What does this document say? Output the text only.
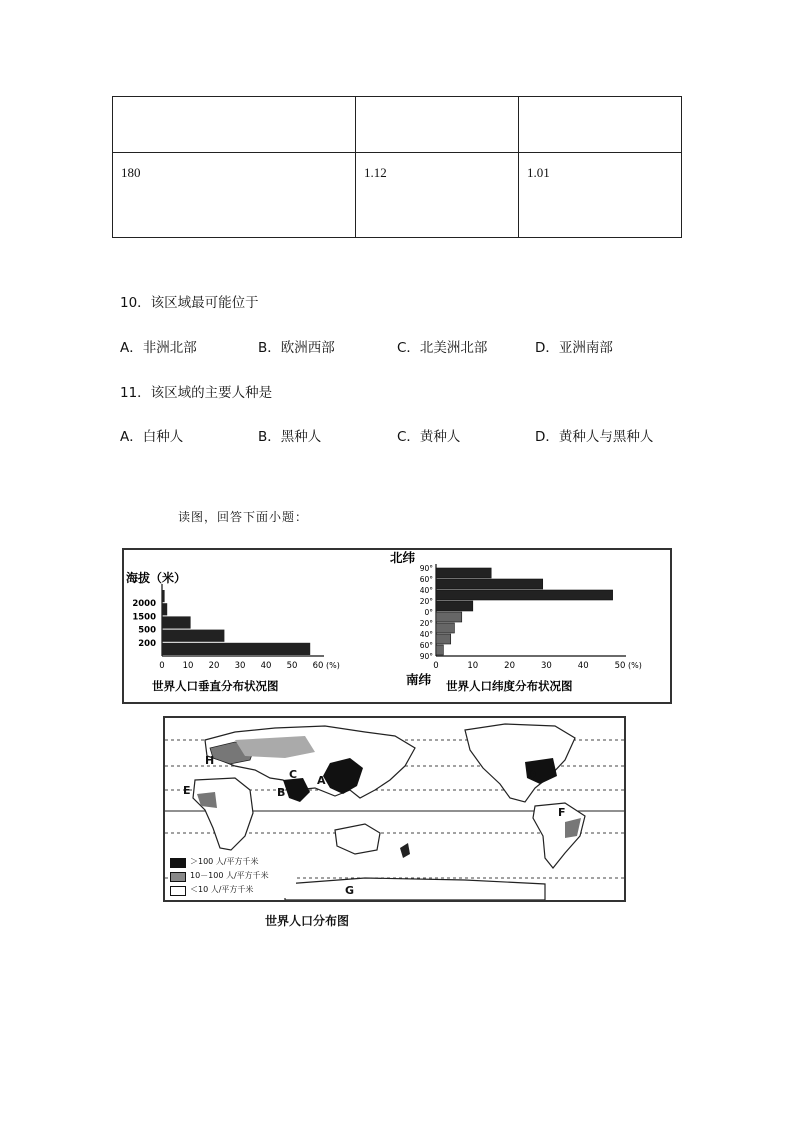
180	1.12	1.01
10．该区域最可能位于
A．非洲北部	B．欧洲西部	C．北美洲北部	D．亚洲南部
11．该区域的主要人种是
A．白种人	B．黑种人	C．黄种人	D．黄种人与黑种人
读图，回答下面小题：
2000
1500
500
200
0 10 20 30 40 50 60 (%)
海拔（米）
世界人口垂直分布状况图
90°
60°
40°
20°
0°
20°
40°
60°
90°
0	10	20	30	40	50 (%)
北纬
南纬 世界人口纬度分布状况图
H
B
C A	D
E
F
G
＞100 人/平方千米
10－100 人/平方千米
＜10 人/平方千米
世界人口分布图
